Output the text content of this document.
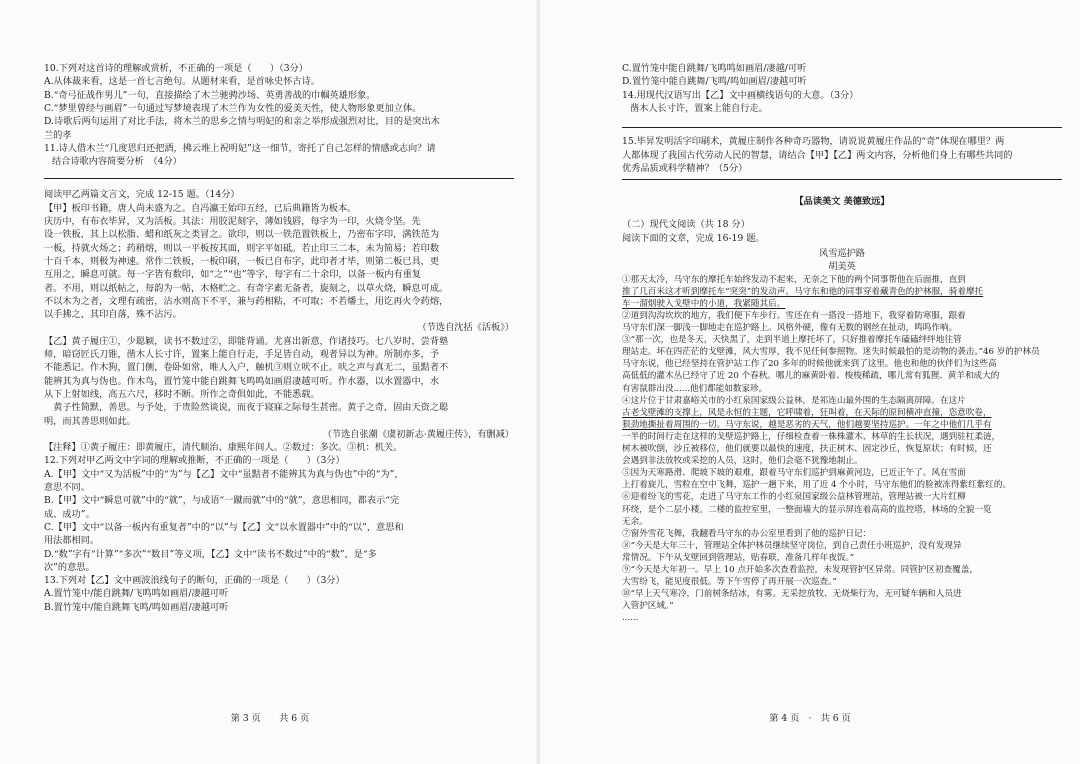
10.下列对这首诗的理解或赏析，不正确的一项是（　　）（3分）
A.从体裁来看，这是一首七言绝句。从题材来看，是首咏史怀古诗。
B.“奇弓征战作男儿”一句，直接描绘了木兰驰骋沙场、英勇善战的巾帼英雄形象。
C.“梦里曾经与画眉”一句通过写梦境表现了木兰作为女性的爱美天性，使人物形象更加立体。
D.诗歌后两句运用了对比手法，将木兰的思乡之情与明妃的和亲之举形成强烈对比，目的是突出木
兰的孝
11.诗人借木兰“几度思归还把酒，拂云堆上祝明妃”这一细节，寄托了自己怎样的情感或志向？请
结合诗歌内容简要分析　（4分）
阅读甲乙两篇文言文，完成 12-15 题。（14分）
【甲】板印书籍，唐人尚未盛为之。自冯瀛王始印五经，已后典籍皆为板本。
庆历中，有布衣毕昇，又为活板。其法：用胶泥刻字，薄如钱唇，每字为一印，火烧令坚。先
设一铁板，其上以松脂、蜡和纸灰之类冒之。欲印，则以一铁范置铁板上，乃密布字印，满铁范为
一板，持就火炀之；药稍熔，则以一平板按其面，则字平如砥。若止印三二本，未为简易；若印数
十百千本，则极为神速。常作二铁板，一板印刷，一板已自布字，此印者才毕，则第二板已具，更
互用之，瞬息可就。每一字皆有数印，如“之”“也”等字，每字有二十余印，以备一板内有重复
者。不用，则以纸帖之，每韵为一帖，木格贮之。有奇字素无备者，旋刻之，以草火烧，瞬息可成。
不以木为之者，文理有疏密，沾水则高下不平，兼与药相粘，不可取；不若燔土，用讫再火令药熔，
以手拂之，其印自落，殊不沾污。
（节选自沈括《活板》）
【乙】黄子履庄①，少聪颖，读书不数过②，即能背诵。尤喜出新意，作诸技巧。七八岁时，尝背塾
师，暗窃匠氏刀锥，凿木人长寸许，置案上能自行走，手足皆自动，观者异以为神。所制亦多，予
不能悉记。作木狗，置门侧，卷卧如常，唯人入户，触机③则立吠不止。吠之声与真无二，虽黠者不
能辨其为真与伪也。作木鸟，置竹笼中能自跳舞飞鸣鸣如画眉凄越可听。作水器，以水置器中，水
从下上射如线，高五六尺，移时不断。所作之奇俱如此，不能悉载。
　黄子性简默，善思。与予处，于贵险然谈说，而夜于寝寐之际每生甚密。黄子之奇，固由天资之聪
明，而其善思则如此。
（节选自张潮《虞初新志·黄履庄传》，有删减）
【注释】①黄子履庄：即黄履庄，清代顺治、康熙年间人。②数过：多次。③机：机关。
12.下列对甲乙两文中字词的理解或推断，不正确的一项是（　　）（3分）
A.【甲】文中“又为活板”中的“为”与【乙】文中“虽黠者不能辨其为真与伪也”中的“为”，
意思不同。
B.【甲】文中“瞬息可就”中的“就”，与成语“一蹴而就”中的“就”，意思相同，都表示“完
成、成功”。
C.【甲】文中“以备一板内有重复者”中的“以”与【乙】文“以水置器中”中的“以”，意思和
用法都相同。
D.“数”字有“计算”“多次”“数目”等义项，【乙】文中“读书不数过”中的“数”，是“多
次”的意思。
13.下列对【乙】文中画波浪线句子的断句，正确的一项是（　　）（3分）
A.置竹笼中/能自跳舞/飞鸣鸣如画眉/凄越可听
B.置竹笼中/能自跳舞飞鸣/鸣如画眉/凄越可听
第 3 页　　共 6 页
C.置竹笼中能自跳舞/飞鸣鸣如画眉/凄越/可听
D.置竹笼中能自跳舞/飞鸣/鸣如画眉/凄越可听
14.用现代汉语写出【乙】文中画横线语句的大意。（3分）
凿木人长寸许，置案上能自行走。
15.毕昇发明活字印刷术，黄履庄制作各种奇巧器物，请说说黄履庄作品的“奇”体现在哪里？两
人都体现了我国古代劳动人民的智慧，请结合【甲】【乙】两文内容，分析他们身上有哪些共同的
优秀品质或科学精神？（5分）
【品读美文 美德致远】
（二）现代文阅读（共 18 分）
阅读下面的文章，完成 16-19 题。
风雪巡护路
胡美英
①那天太冷，马守东的摩托车始终发动不起来，无奈之下他的两个同事帮他在后面推，直到
推了几百米这才听到摩托车“突突”的发动声。马守东和他的同事穿着藏青色的护林服，骑着摩托
车一溜烟驶入戈壁中的小道，我紧随其后。
②道到沟沟坎坎的地方，我们便下车步行。雪还在有一搭没一搭地下，我穿着防寒服，跟着
马守东们深一脚浅一脚地走在巡护路上。风格外硬，像有无数的钢丝在扯动，鸣呜作响。
③“那一次，也是冬天，天快黑了，走到半道上摩托坏了，只好推着摩托车磕磕绊绊地往管
理站走。坏在四茫茫的戈壁滩，风大雪厚，我不见任何参照物。迷失时候最怕的是动物的袭击。”46 岁的护林员
马守东说，他已经坚持在管护站工作了20 多年的时候他就来到了这里。他也和他的伙伴们为这些高
高低低的灌木丛已经守了近 20 个春秋。哪儿的麻黄卧着、梭梭稀疏，哪儿常有狐狸、黄羊和成大的
有害鼠群出没......他们都能如数家珍。
④这片位于甘肃嘉峪关市的小红泉国家级公益林，是祁连山最外围的生态隔离屏障。在这片
古老戈壁滩的支撑上，风是永恒的主题，它呼啸着，狂叫着，在天际的原间横冲直撞，恣意吹卷，
狠劲地撕扯着周围的一切。马守东说，越是恶劣的天气，他们越要坚持巡护。一年之中他们几乎有
一半的时间行走在这样的戈壁巡护路上，仔细检查着一株株灌木、林草的生长状况，遇到驻杠柔涟，
树木被吹倒，沙丘被移位，他们就要以最快的速度，扶正树木、固定沙丘，恢复原状；有时候，还
会遇到非法放牧或采挖的人员，这时，他们会毫不犹豫地制止。
⑤因为天寒路滑、爬坡下坡的艰难，跟着马守东们巡护到麻黄河边，已近正午了。风在雪面
上打着旋儿，雪粒在空中飞舞，巡护一趟下来，用了近 4 个小时，马守东他们的脸被冻得紫红紫红的。
⑥迎着纷飞的雪花，走进了马守东工作的小红泉国家级公益林管理站，管理站被一大片红柳
环绕，是个二层小楼。二楼的监控室里，一整面墙大的显示屏连着高高的监控塔，林场的全貌一览
无余。
⑦窗外雪花飞舞，我翻看马守东的办公室里看到了他的巡护日记：
⑧“今天是大年三十，管理站全体护林员继续坚守岗位，到自己责任小班巡护，没有发现异
常情况。下午从戈壁回到管理站，贴春联，准备几样年夜饭。”
⑨“今天是大年初一。早上 10 点开始多次查看监控，未发现管护区异常。同管护区初查覆盖，
大雪纷飞，能见度很低。等下午雪停了再开展一次巡查。”
⑩“早上天气寒冷，门前树条结冰，有雾。无采挖放牧、无烧柴行为，无可疑车辆和人员进
入管护区域。”
......
第 4 页　·　共 6 页
